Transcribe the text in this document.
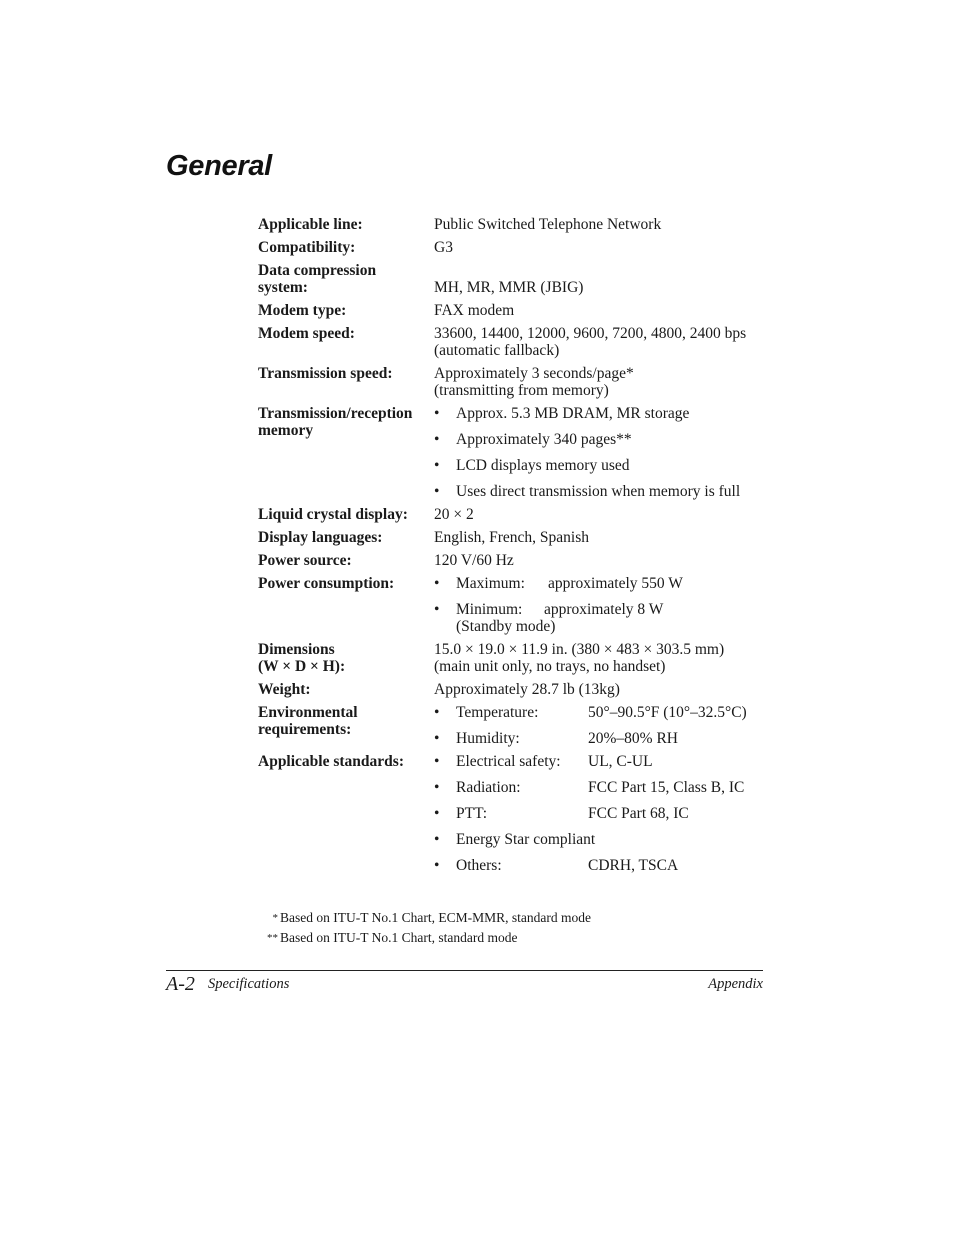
General
Applicable line:	Public Switched Telephone Network
Compatibility:	G3
Data compression
system:	MH, MR, MMR (JBIG)
Modem type:	FAX modem
Modem speed:	33600, 14400, 12000, 9600, 7200, 4800, 2400 bps
(automatic fallback)
Transmission speed:	Approximately 3 seconds/page*
(transmitting from memory)
Transmission/reception
memory
•	Approx. 5.3 MB DRAM, MR storage
•	Approximately 340 pages**
•	LCD displays memory used
•	Uses direct transmission when memory is full
Liquid crystal display:	20 × 2
Display languages:	English, French, Spanish
Power source:	120 V/60 Hz
Power consumption:	•	Maximum:	approximately 550 W
•	Minimum:	approximately 8 W
(Standby mode)
Dimensions
(W × D × H):
15.0 × 19.0 × 11.9 in. (380 × 483 × 303.5 mm)
(main unit only, no trays, no handset)
Weight:	Approximately 28.7 lb (13kg)
Environmental
requirements:
•	Temperature:	50°–90.5°F (10°–32.5°C)
•	Humidity:	20%–80% RH
Applicable standards:	•	Electrical safety:	UL, C-UL
•	Radiation:	FCC Part 15, Class B, IC
•	PTT:	FCC Part 68, IC
•	Energy Star compliant
•	Others:	CDRH, TSCA
* Based on ITU-T No.1 Chart, ECM-MMR, standard mode
** Based on ITU-T No.1 Chart, standard mode
A-2 Specifications	Appendix
